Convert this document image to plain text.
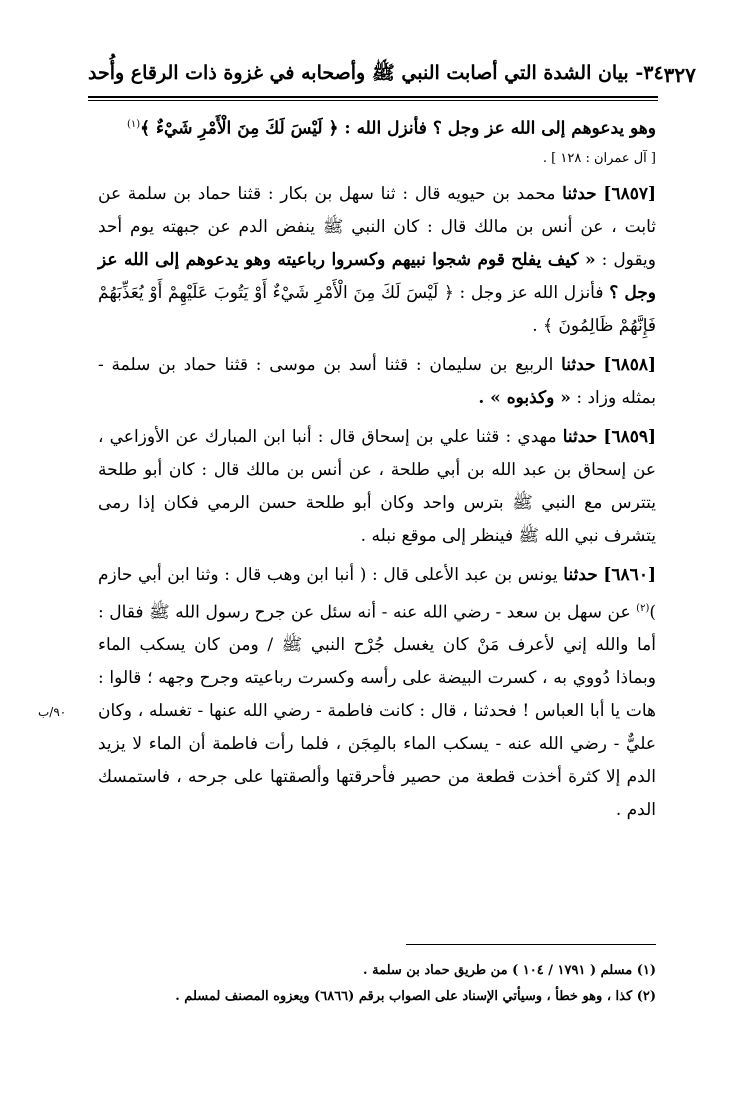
٣٤- بيان الشدة التي أصابت النبي ﷺ وأصحابه في غزوة ذات الرقاع وأُحد ٣٢٧

وهو يدعوهم إلى الله عز وجل ؟ فأنزل الله : ﴿ لَيْسَ لَكَ مِنَ الْأَمْرِ شَيْءٌ ﴾$^{(١)}$
[ آل عمران : ١٢٨ ] .

[٦٨٥٧] حدثنا محمد بن حيويه قال : ثنا سهل بن بكار : قثنا حماد بن سلمة عن ثابت ، عن أنس بن مالك قال : كان النبي ﷺ ينفض الدم عن جبهته يوم أحد ويقول : « كيف يفلح قوم شجوا نبيهم وكسروا رباعيته وهو يدعوهم إلى الله عز وجل ؟ فأنزل الله عز وجل : ﴿ لَيْسَ لَكَ مِنَ الْأَمْرِ شَيْءٌ أَوْ يَتُوبَ عَلَيْهِمْ أَوْ يُعَذِّبَهُمْ فَإِنَّهُمْ ظَالِمُونَ ﴾ .

[٦٨٥٨] حدثنا الربيع بن سليمان : قثنا أسد بن موسى : قثنا حماد بن سلمة - بمثله وزاد : « وكذبوه » .

[٦٨٥٩] حدثنا مهدي : قثنا علي بن إسحاق قال : أنبا ابن المبارك عن الأوزاعي ، عن إسحاق بن عبد الله بن أبي طلحة ، عن أنس بن مالك قال : كان أبو طلحة يتترس مع النبي ﷺ بترس واحد وكان أبو طلحة حسن الرمي فكان إذا رمى يتشرف نبي الله ﷺ فينظر إلى موقع نبله .

[٦٨٦٠] حدثنا يونس بن عبد الأعلى قال : ( أنبا ابن وهب قال : وثنا ابن أبي حازم )$^{(٢)}$ عن سهل بن سعد - رضي الله عنه - أنه سئل عن جرح رسول الله ﷺ فقال : أما والله إني لأعرف مَنْ كان يغسل جُرْح النبي ﷺ / ومن كان يسكب الماء وبماذا دُووي به ، كسرت البيضة على رأسه وكسرت رباعيته وجرح وجهه ؛ قالوا : هات يا أبا العباس ! فحدثنا ، قال : كانت فاطمة - رضي الله عنها - تغسله ، وكان عليٌّ - رضي الله عنه - يسكب الماء بالمِجَن ، فلما رأت فاطمة أن الماء لا يزيد الدم إلا كثرة أخذت قطعة من حصير فأحرقتها وألصقتها على جرحه ، فاستمسك الدم .

٩٠/ب

(١) مسلم ( ١٧٩١ / ١٠٤ ) من طريق حماد بن سلمة .

(٢) كذا ، وهو خطأ ، وسيأتي الإسناد على الصواب برقم (٦٨٦٦) ويعزوه المصنف لمسلم .
